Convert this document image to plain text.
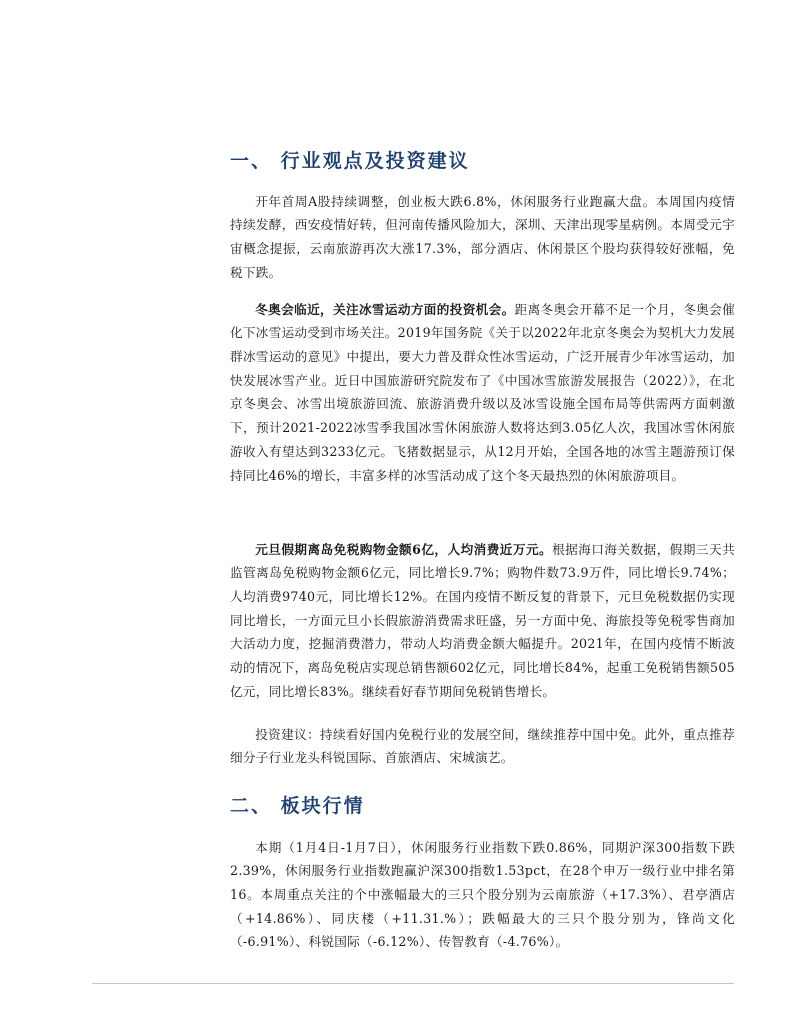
一、 行业观点及投资建议

开年首周A股持续调整，创业板大跌6.8%，休闲服务行业跑赢大盘。本周国内疫情持续发酵，西安疫情好转，但河南传播风险加大，深圳、天津出现零星病例。本周受元宇宙概念提振，云南旅游再次大涨17.3%，部分酒店、休闲景区个股均获得较好涨幅，免税下跌。

冬奥会临近，关注冰雪运动方面的投资机会。距离冬奥会开幕不足一个月，冬奥会催化下冰雪运动受到市场关注。2019年国务院《关于以2022年北京冬奥会为契机大力发展群冰雪运动的意见》中提出，要大力普及群众性冰雪运动，广泛开展青少年冰雪运动，加快发展冰雪产业。近日中国旅游研究院发布了《中国冰雪旅游发展报告（2022）》，在北京冬奥会、冰雪出境旅游回流、旅游消费升级以及冰雪设施全国布局等供需两方面刺激下，预计2021-2022冰雪季我国冰雪休闲旅游人数将达到3.05亿人次，我国冰雪休闲旅游收入有望达到3233亿元。飞猪数据显示，从12月开始，全国各地的冰雪主题游预订保持同比46%的增长，丰富多样的冰雪活动成了这个冬天最热烈的休闲旅游项目。

元旦假期离岛免税购物金额6亿，人均消费近万元。根据海口海关数据，假期三天共监管离岛免税购物金额6亿元，同比增长9.7%；购物件数73.9万件，同比增长9.74%；人均消费9740元，同比增长12%。在国内疫情不断反复的背景下，元旦免税数据仍实现同比增长，一方面元旦小长假旅游消费需求旺盛，另一方面中免、海旅投等免税零售商加大活动力度，挖掘消费潜力，带动人均消费金额大幅提升。2021年，在国内疫情不断波动的情况下，离岛免税店实现总销售额602亿元，同比增长84%，起重工免税销售额505亿元，同比增长83%。继续看好春节期间免税销售增长。

投资建议：持续看好国内免税行业的发展空间，继续推荐中国中免。此外，重点推荐细分子行业龙头科锐国际、首旅酒店、宋城演艺。

二、 板块行情

本期（1月4日-1月7日），休闲服务行业指数下跌0.86%，同期沪深300指数下跌2.39%，休闲服务行业指数跑赢沪深300指数1.53pct，在28个申万一级行业中排名第16。本周重点关注的个中涨幅最大的三只个股分别为云南旅游（+17.3%）、君亭酒店（+14.86%）、同庆楼（+11.31.%）；跌幅最大的三只个股分别为，锋尚文化（-6.91%）、科锐国际（-6.12%）、传智教育（-4.76%）。
